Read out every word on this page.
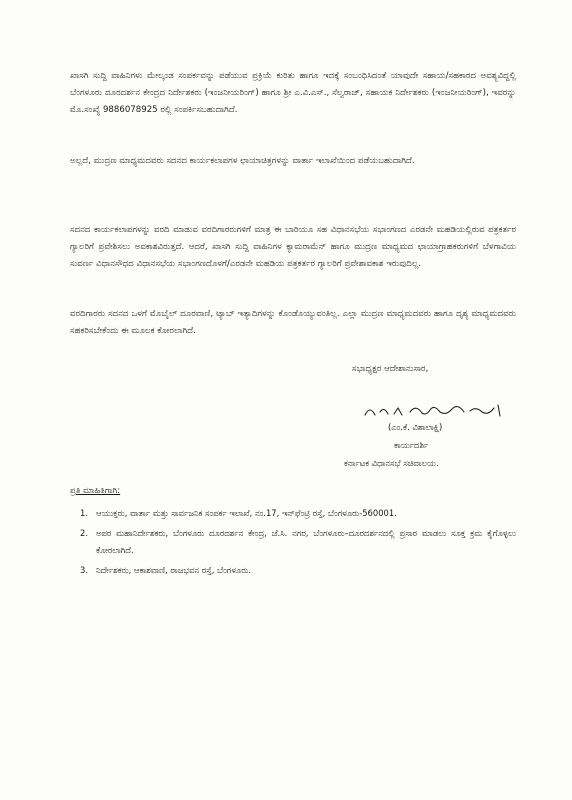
ಖಾಸಗಿ ಸುದ್ದಿ ವಾಹಿನಿಗಳು ಮೇಲ್ಕಂಡ ಸಂಪರ್ಕವನ್ನು ಪಡೆಯುವ ಪ್ರಕ್ರಿಯೆ ಕುರಿತು ಹಾಗೂ ಇದಕ್ಕೆ ಸಂಬಂಧಿಸಿದಂತೆ ಯಾವುದೇ ಸಹಾಯ/ಸಹಕಾರದ ಅವಶ್ಯವಿದ್ದಲ್ಲಿ ಬೆಂಗಳೂರು ದೂರದರ್ಶನ ಕೇಂದ್ರದ ನಿರ್ದೇಶಕರು (ಇಂಜನೀಯರಿಂಗ್) ಹಾಗೂ ಶ್ರೀ ಎ.ವಿ.ಎಸ್., ಸೆಲ್ವರಾಜ್, ಸಹಾಯಕ ನಿರ್ದೇಶಕರು (ಇಂಜನೀಯರಿಂಗ್), ಇವರನ್ನು ಮೊ.ಸಂಖ್ಯೆ 9886078925 ರಲ್ಲಿ ಸಂಪರ್ಕಿಸಬಹುದಾಗಿದೆ.

ಅಲ್ಲದೆ, ಮುದ್ರಣ ಮಾಧ್ಯಮದವರು ಸದನದ ಕಾರ್ಯಕಲಾಪಗಳ ಛಾಯಾಚಿತ್ರಗಳನ್ನು ವಾರ್ತಾ ಇಲಾಖೆಯಿಂದ ಪಡೆಯಬಹುದಾಗಿದೆ.

ಸದನದ ಕಾರ್ಯಕಲಾಪಗಳನ್ನು ವರದಿ ಮಾಡುವ ವರದಿಗಾರರುಗಳಿಗೆ ಮಾತ್ರ ಈ ಬಾರಿಯೂ ಸಹ ವಿಧಾನಸಭೆಯ ಸಭಾಂಗಣದ ಎರಡನೇ ಮಹಡಿಯಲ್ಲಿರುವ ಪತ್ರಕರ್ತರ ಗ್ಯಾಲರಿಗೆ ಪ್ರವೇಶಿಸಲು ಅವಕಾಶವಿರುತ್ತದೆ. ಆದರೆ, ಖಾಸಗಿ ಸುದ್ದಿ ವಾಹಿನಿಗಳ ಕ್ಯಾಮರಾಮೆನ್ ಹಾಗೂ ಮುದ್ರಣ ಮಾಧ್ಯಮದ ಛಾಯಾಗ್ರಾಹಕರುಗಳಿಗೆ ಬೆಳಗಾವಿಯ ಸುವರ್ಣ ವಿಧಾನಸೌಧದ ವಿಧಾನಸಭೆಯ ಸಭಾಂಗಣದೊಳಗೆ/ಎರಡನೇ ಮಹಡಿಯ ಪತ್ರಕರ್ತರ ಗ್ಯಾಲರಿಗೆ ಪ್ರವೇಶಾವಕಾಶ ಇರುವುದಿಲ್ಲ.

ವರದಿಗಾರರು ಸದನದ ಒಳಗೆ ಮೊಬೈಲ್ ದೂರವಾಣಿ, ಟ್ಯಾಬ್ ಇತ್ಯಾದಿಗಳನ್ನು ಕೊಂಡೊಯ್ಯುವಂತಿಲ್ಲ. ಎಲ್ಲಾ ಮುದ್ರಣ ಮಾಧ್ಯಮದವರು ಹಾಗೂ ದೃಶ್ಯ ಮಾಧ್ಯಮದವರು ಸಹಕರಿಸಬೇಕೆಂದು ಈ ಮೂಲಕ ಕೋರಲಾಗಿದೆ.

ಸಭಾಧ್ಯಕ್ಷರ ಆದೇಶಾನುಸಾರ,
(ಎಂ.ಕೆ. ವಿಶಾಲಾಕ್ಷಿ)
ಕಾರ್ಯದರ್ಶಿ
ಕರ್ನಾಟಕ ವಿಧಾನಸಭೆ ಸಚಿವಾಲಯ.
ಪ್ರತಿ ಮಾಹಿತಿಗಾಗಿ:
1. ಆಯುಕ್ತರು, ವಾರ್ತಾ ಮತ್ತು ಸಾರ್ವಜನಿಕ ಸಂಪರ್ಕ ಇಲಾಖೆ, ನಂ.17, ಇನ್‌ಫೆಂಟ್ರಿ ರಸ್ತೆ, ಬೆಂಗಳೂರು-560001.
2. ಅಪರ ಮಹಾನಿರ್ದೇಶಕರು, ಬೆಂಗಳೂರು ದೂರದರ್ಶನ ಕೇಂದ್ರ, ಜೆ.ಸಿ. ನಗರ, ಬೆಂಗಳೂರು–ದೂರದರ್ಶನದಲ್ಲಿ ಪ್ರಸಾರ ಮಾಡಲು ಸೂಕ್ತ ಕ್ರಮ ಕೈಗೊಳ್ಳಲು ಕೋರಲಾಗಿದೆ.
3. ನಿರ್ದೇಶಕರು, ಆಕಾಶವಾಣಿ, ರಾಜಭವನ ರಸ್ತೆ, ಬೆಂಗಳೂರು.
